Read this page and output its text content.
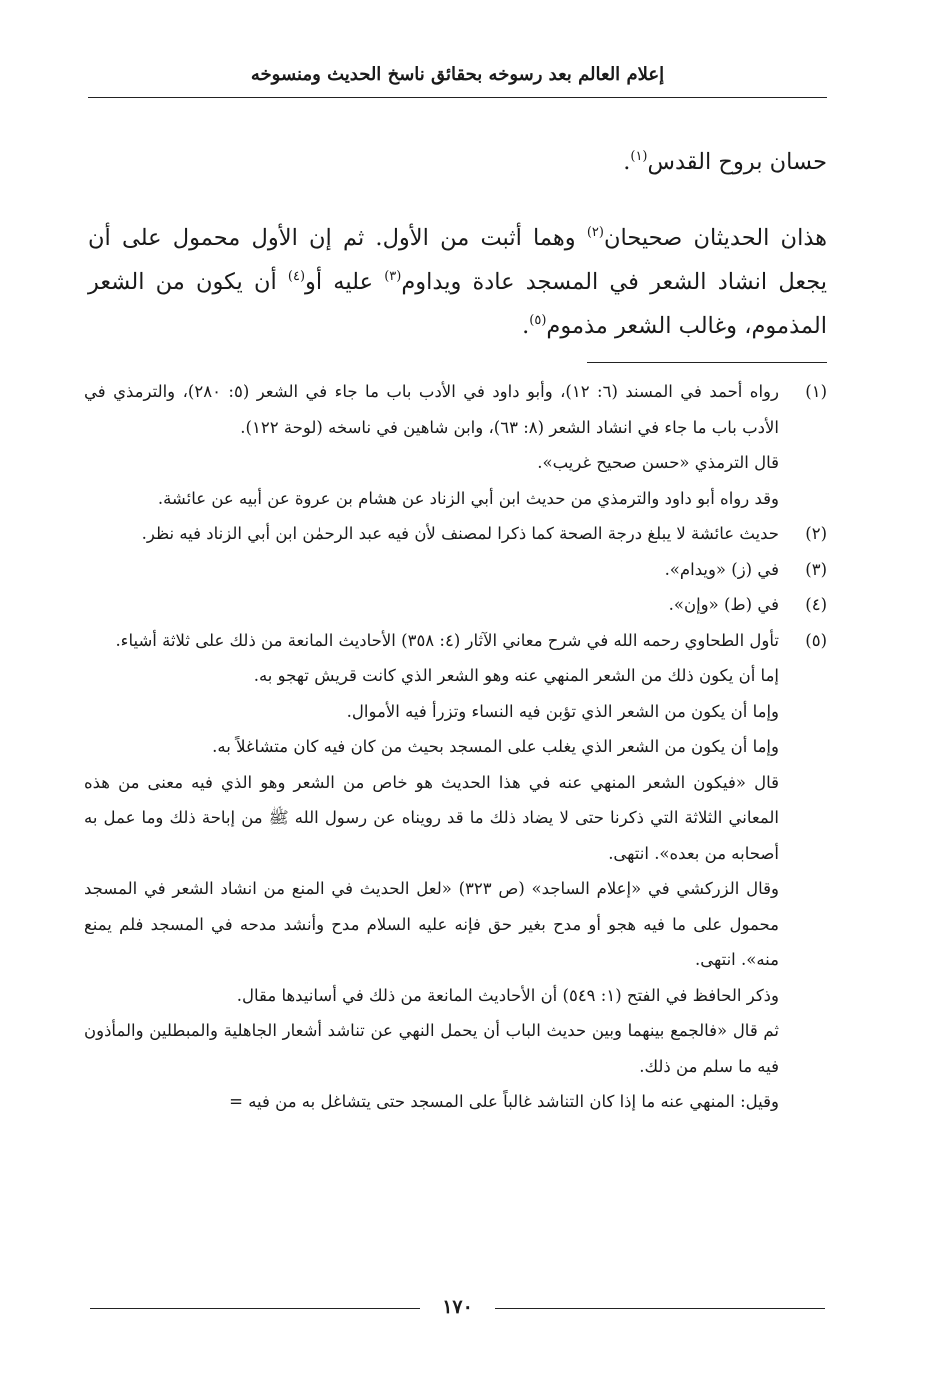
إعلام العالم بعد رسوخه بحقائق ناسخ الحديث ومنسوخه

حسان بروح القدس$^{(١)}$.

هذان الحديثان صحيحان$^{(٢)}$ وهما أثبت من الأول. ثم إن الأول محمول على أن يجعل انشاد الشعر في المسجد عادة ويداوم$^{(٣)}$ عليه أو$^{(٤)}$ أن يكون من الشعر المذموم، وغالب الشعر مذموم$^{(٥)}$.

(١)

رواه أحمد في المسند (٦: ١٢)، وأبو داود في الأدب باب ما جاء في الشعر (٥: ٢٨٠)، والترمذي في الأدب باب ما جاء في انشاد الشعر (٨: ٦٣)، وابن شاهين في ناسخه (لوحة ١٢٢).

قال الترمذي «حسن صحيح غريب».

وقد رواه أبو داود والترمذي من حديث ابن أبي الزناد عن هشام بن عروة عن أبيه عن عائشة.

(٢)

حديث عائشة لا يبلغ درجة الصحة كما ذكرا لمصنف لأن فيه عبد الرحمٰن ابن أبي الزناد فيه نظر.

(٣)

في (ز) «ويدام».

(٤)

في (ط) «وإن».

(٥)

تأول الطحاوي رحمه الله في شرح معاني الآثار (٤: ٣٥٨) الأحاديث المانعة من ذلك على ثلاثة أشياء.

إما أن يكون ذلك من الشعر المنهي عنه وهو الشعر الذي كانت قريش تهجو به.

وإما أن يكون من الشعر الذي تؤبن فيه النساء وتزرأ فيه الأموال.

وإما أن يكون من الشعر الذي يغلب على المسجد بحيث من كان فيه كان متشاغلاً به.

قال «فيكون الشعر المنهي عنه في هذا الحديث هو خاص من الشعر وهو الذي فيه معنى من هذه المعاني الثلاثة التي ذكرنا حتى لا يضاد ذلك ما قد رويناه عن رسول الله ﷺ من إباحة ذلك وما عمل به أصحابه من بعده». انتهى.

وقال الزركشي في «إعلام الساجد» (ص ٣٢٣) «لعل الحديث في المنع من انشاد الشعر في المسجد محمول على ما فيه هجو أو مدح بغير حق فإنه عليه السلام مدح وأنشد مدحه في المسجد فلم يمنع منه». انتهى.

وذكر الحافظ في الفتح (١: ٥٤٩) أن الأحاديث المانعة من ذلك في أسانيدها مقال.

ثم قال «فالجمع بينهما وبين حديث الباب أن يحمل النهي عن تناشد أشعار الجاهلية والمبطلين والمأذون فيه ما سلم من ذلك.

وقيل: المنهي عنه ما إذا كان التناشد غالباً على المسجد حتى يتشاغل به من فيه =

١٧٠
